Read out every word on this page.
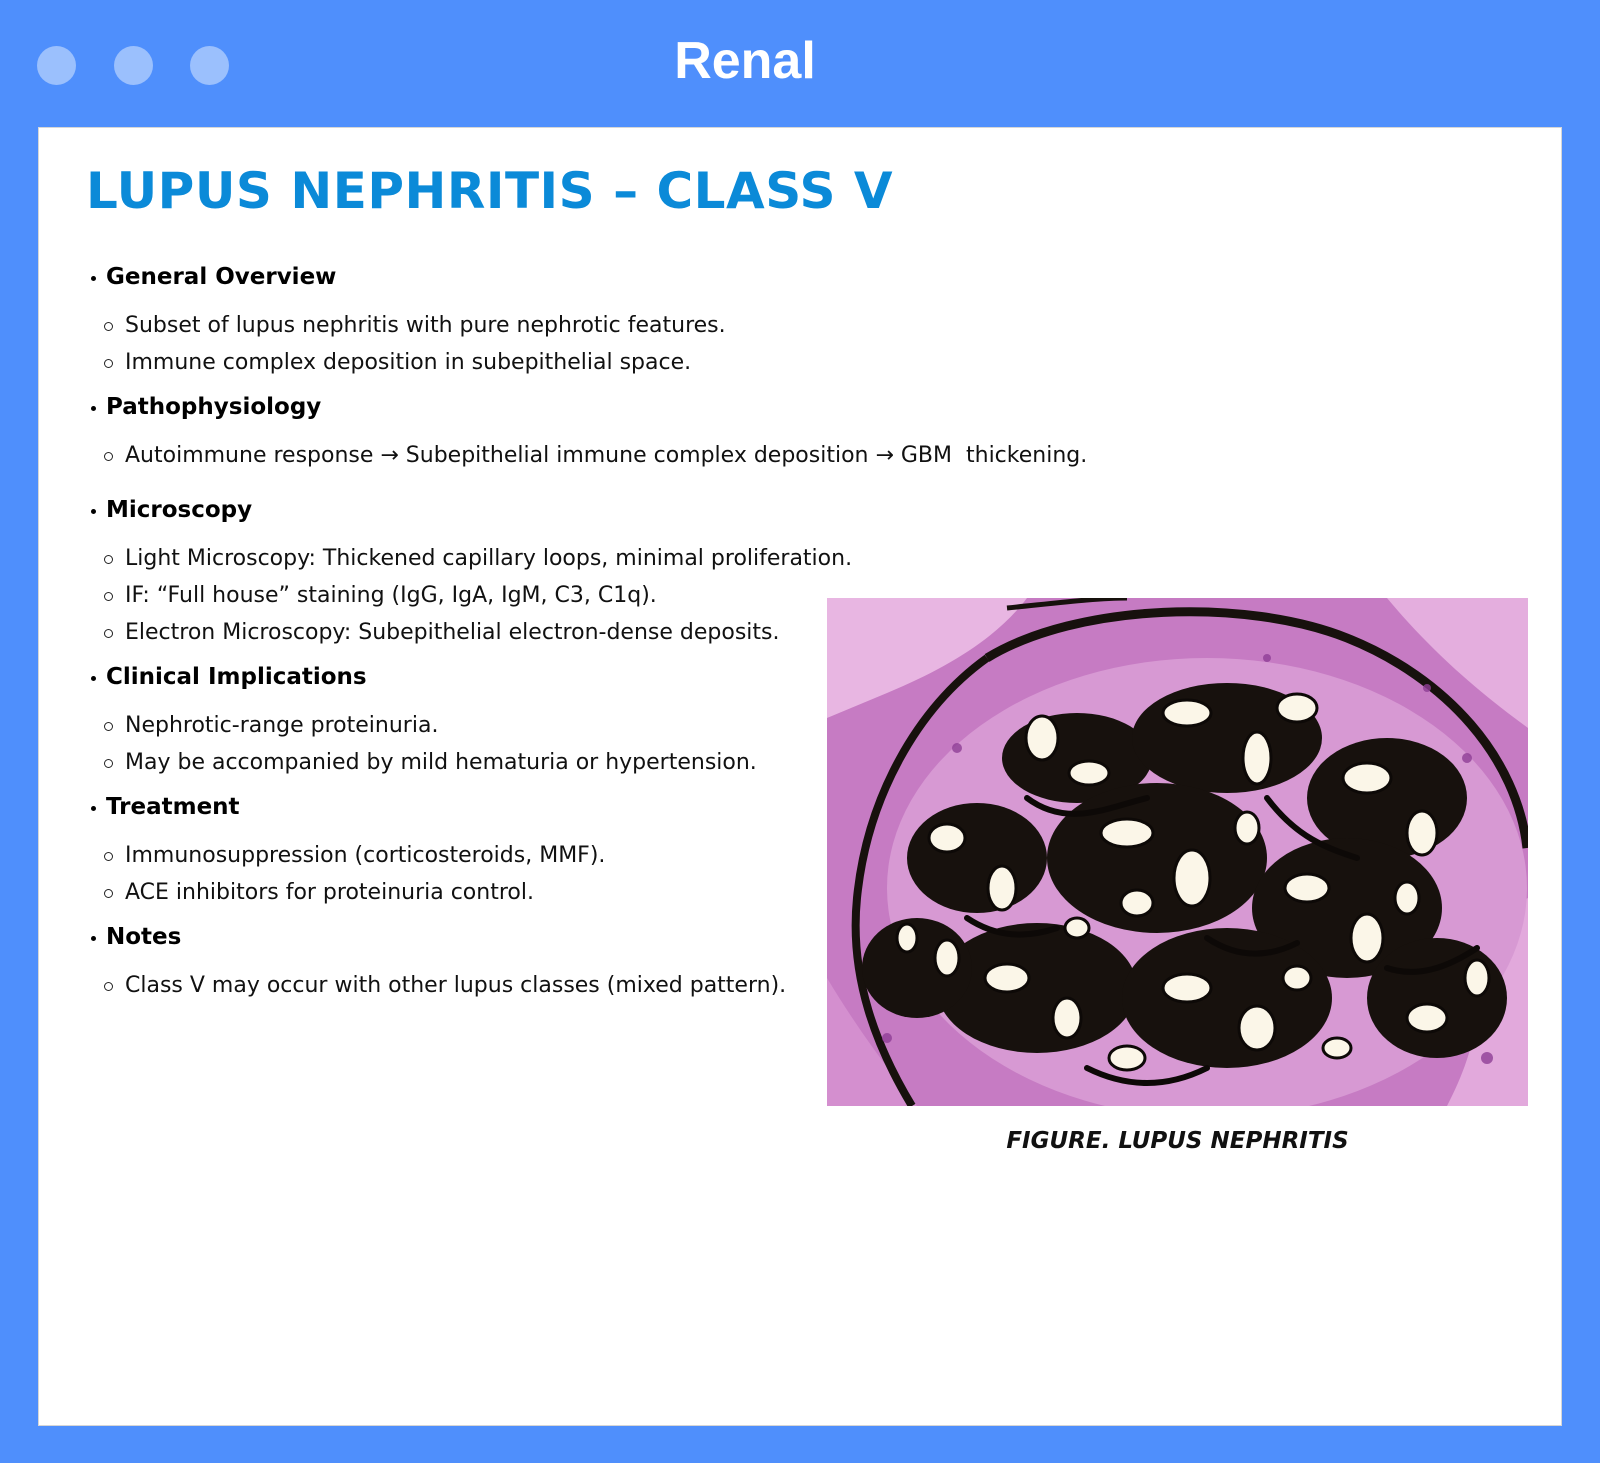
Renal
LUPUS NEPHRITIS – CLASS V
General Overview
Subset of lupus nephritis with pure nephrotic features.
Immune complex deposition in subepithelial space.
Pathophysiology
Autoimmune response → Subepithelial immune complex deposition → GBM  thickening.
Microscopy
Light Microscopy: Thickened capillary loops, minimal proliferation.
IF: “Full house” staining (IgG, IgA, IgM, C3, C1q).
Electron Microscopy: Subepithelial electron-dense deposits.
Clinical Implications
Nephrotic-range proteinuria.
May be accompanied by mild hematuria or hypertension.
Treatment
Immunosuppression (corticosteroids, MMF).
ACE inhibitors for proteinuria control.
Notes
Class V may occur with other lupus classes (mixed pattern).
FIGURE. LUPUS NEPHRITIS
